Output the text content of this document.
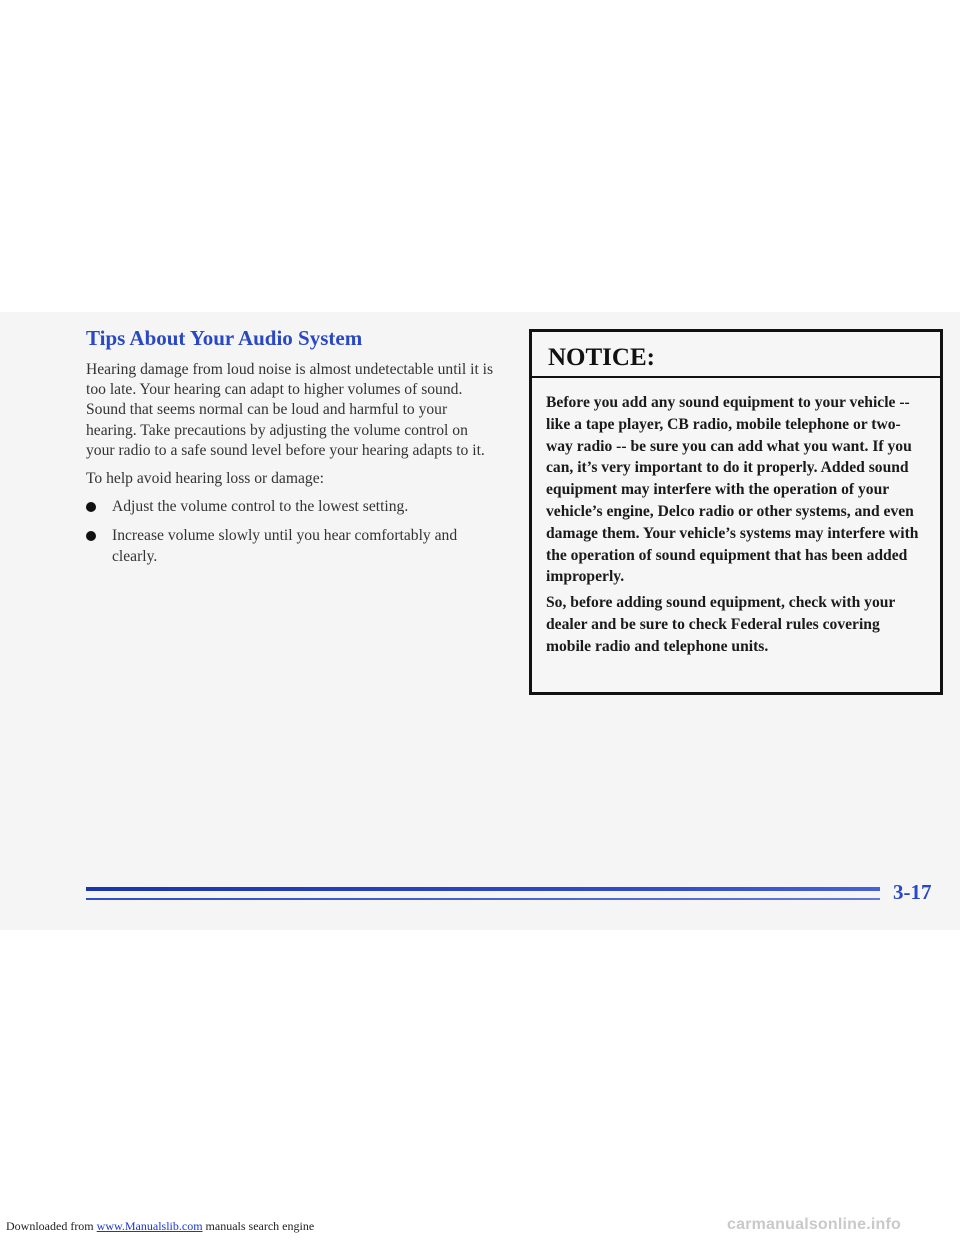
Tips About Your Audio System

Hearing damage from loud noise is almost undetectable until it is too late. Your hearing can adapt to higher volumes of sound. Sound that seems normal can be loud and harmful to your hearing. Take precautions by adjusting the volume control on your radio to a safe sound level before your hearing adapts to it.

To help avoid hearing loss or damage:

Adjust the volume control to the lowest setting.
Increase volume slowly until you hear comfortably and clearly.
NOTICE:

Before you add any sound equipment to your vehicle -- like a tape player, CB radio, mobile telephone or two-way radio -- be sure you can add what you want. If you can, it’s very important to do it properly. Added sound equipment may interfere with the operation of your vehicle’s engine, Delco radio or other systems, and even damage them. Your vehicle’s systems may interfere with the operation of sound equipment that has been added improperly.

So, before adding sound equipment, check with your dealer and be sure to check Federal rules covering mobile radio and telephone units.

3-17

Downloaded from www.Manualslib.com manuals search engine	carmanualsonline.info
